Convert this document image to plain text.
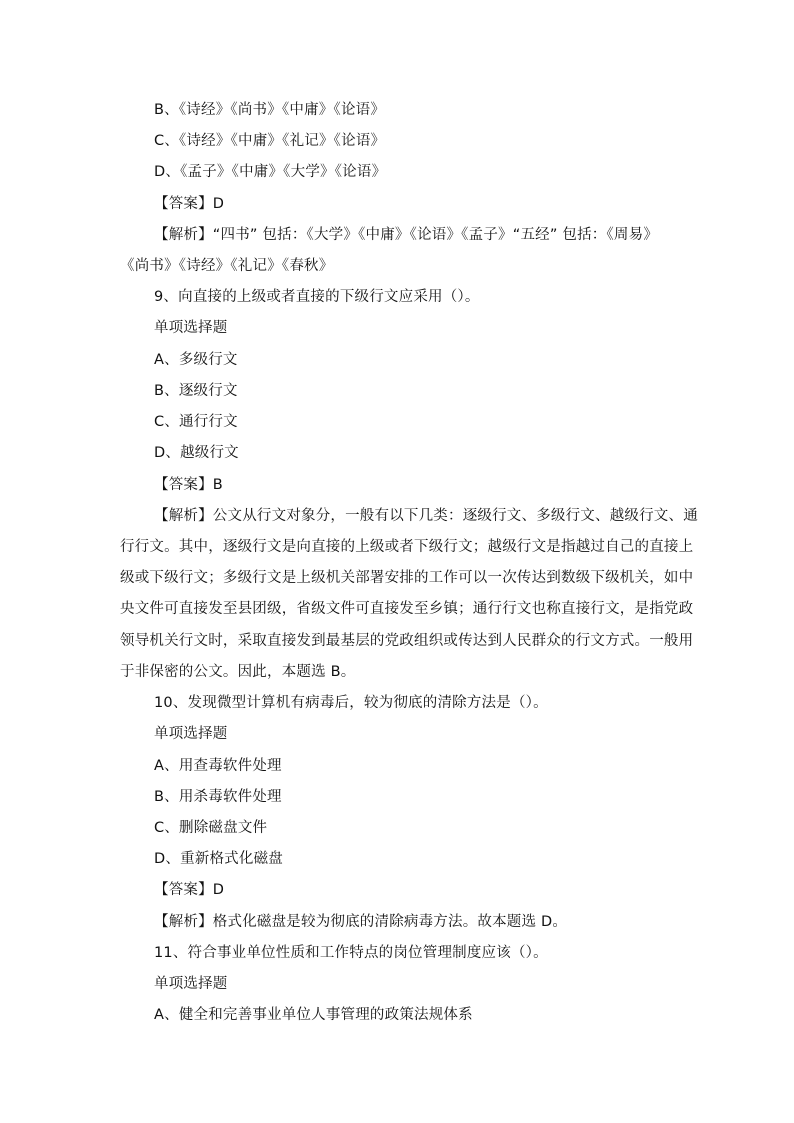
B、《诗经》《尚书》《中庸》《论语》
C、《诗经》《中庸》《礼记》《论语》
D、《孟子》《中庸》《大学》《论语》
【答案】D
【解析】“四书” 包括：《大学》《中庸》《论语》《孟子》“五经” 包括：《周易》
《尚书》《诗经》《礼记》《春秋》
9、向直接的上级或者直接的下级行文应采用（）。
单项选择题
A、多级行文
B、逐级行文
C、通行行文
D、越级行文
【答案】B
【解析】公文从行文对象分，一般有以下几类：逐级行文、多级行文、越级行文、通
行行文。其中，逐级行文是向直接的上级或者下级行文；越级行文是指越过自己的直接上
级或下级行文；多级行文是上级机关部署安排的工作可以一次传达到数级下级机关，如中
央文件可直接发至县团级，省级文件可直接发至乡镇；通行行文也称直接行文，是指党政
领导机关行文时，采取直接发到最基层的党政组织或传达到人民群众的行文方式。一般用
于非保密的公文。因此，本题选 B。
10、发现微型计算机有病毒后，较为彻底的清除方法是（）。
单项选择题
A、用查毒软件处理
B、用杀毒软件处理
C、删除磁盘文件
D、重新格式化磁盘
【答案】D
【解析】格式化磁盘是较为彻底的清除病毒方法。故本题选 D。
11、符合事业单位性质和工作特点的岗位管理制度应该（）。
单项选择题
A、健全和完善事业单位人事管理的政策法规体系
